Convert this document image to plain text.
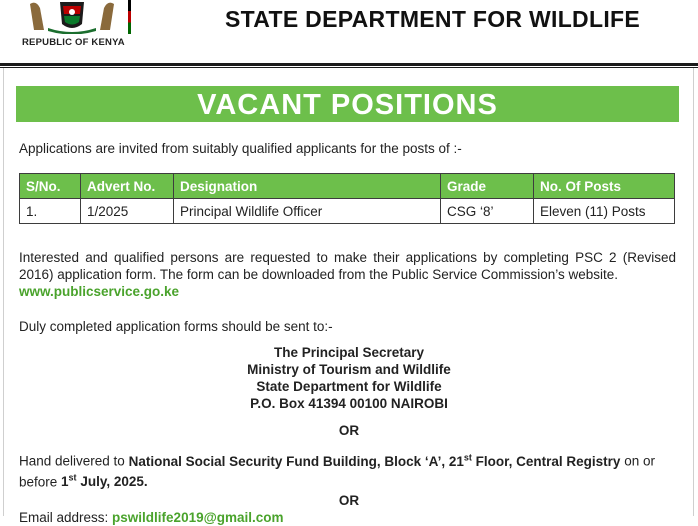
REPUBLIC OF KENYA
STATE DEPARTMENT FOR WILDLIFE
VACANT POSITIONS
Applications are invited from suitably qualified applicants for the posts of :-
S/No.	Advert No.	Designation	Grade	No. Of Posts
1.	1/2025	Principal Wildlife Officer	CSG ‘8’	Eleven (11) Posts
Interested and qualified persons are requested to make their applications by completing PSC 2 (Revised 2016) application form. The form can be downloaded from the Public Service Commission’s website.
www.publicservice.go.ke
Duly completed application forms should be sent to:-
The Principal Secretary
Ministry of Tourism and Wildlife
State Department for Wildlife
P.O. Box 41394 00100 NAIROBI
OR
Hand delivered to National Social Security Fund Building, Block ‘A’, 21st Floor, Central Registry on or before 1st July, 2025.
OR
Email address: pswildlife2019@gmail.com
